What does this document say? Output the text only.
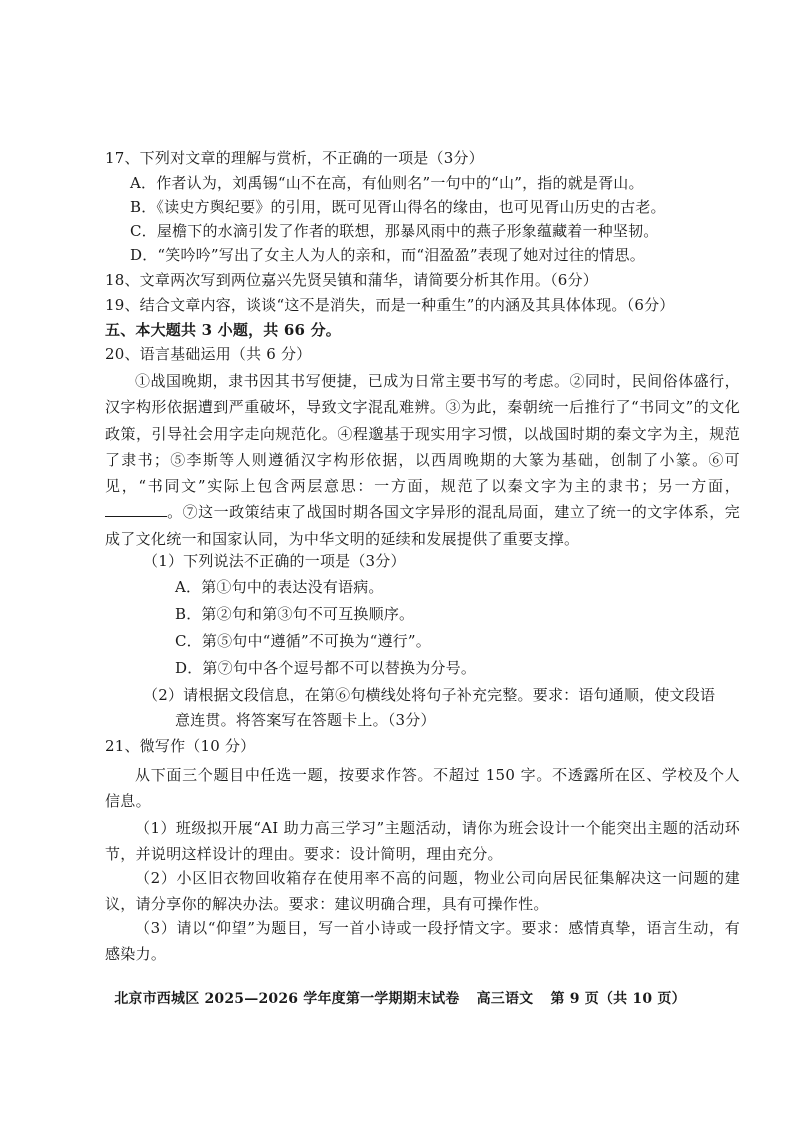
17、下列对文章的理解与赏析，不正确的一项是（3分）
A．作者认为，刘禹锡“山不在高，有仙则名”一句中的“山”，指的就是胥山。
B．《读史方舆纪要》的引用，既可见胥山得名的缘由，也可见胥山历史的古老。
C．屋檐下的水滴引发了作者的联想，那暴风雨中的燕子形象蕴藏着一种坚韧。
D．“笑吟吟”写出了女主人为人的亲和，而“泪盈盈”表现了她对过往的情思。
18、文章两次写到两位嘉兴先贤吴镇和蒲华，请简要分析其作用。（6分）
19、结合文章内容，谈谈“这不是消失，而是一种重生”的内涵及其具体体现。（6分）
五、本大题共 3 小题，共 66 分。
20、语言基础运用（共 6 分）
①战国晚期，隶书因其书写便捷，已成为日常主要书写的考虑。②同时，民间俗体盛行，汉字构形依据遭到严重破坏，导致文字混乱难辨。③为此，秦朝统一后推行了“书同文”的文化政策，引导社会用字走向规范化。④程邈基于现实用字习惯，以战国时期的秦文字为主，规范了隶书；⑤李斯等人则遵循汉字构形依据，以西周晚期的大篆为基础，创制了小篆。⑥可见，“书同文”实际上包含两层意思：一方面，规范了以秦文字为主的隶书；另一方面，。⑦这一政策结束了战国时期各国文字异形的混乱局面，建立了统一的文字体系，完成了文化统一和国家认同，为中华文明的延续和发展提供了重要支撑。
（1）下列说法不正确的一项是（3分）
A．第①句中的表达没有语病。
B．第②句和第③句不可互换顺序。
C．第⑤句中“遵循”不可换为“遵行”。
D．第⑦句中各个逗号都不可以替换为分号。
（2）请根据文段信息，在第⑥句横线处将句子补充完整。要求：语句通顺，使文段语
意连贯。将答案写在答题卡上。（3分）
21、微写作（10 分）
从下面三个题目中任选一题，按要求作答。不超过 150 字。不透露所在区、学校及个人信息。
（1）班级拟开展“AI 助力高三学习”主题活动，请你为班会设计一个能突出主题的活动环节，并说明这样设计的理由。要求：设计简明，理由充分。
（2）小区旧衣物回收箱存在使用率不高的问题，物业公司向居民征集解决这一问题的建议，请分享你的解决办法。要求：建议明确合理，具有可操作性。
（3）请以“仰望”为题目，写一首小诗或一段抒情文字。要求：感情真挚，语言生动，有感染力。
北京市西城区 2025—2026 学年度第一学期期末试卷 高三语文 第 9 页（共 10 页）
